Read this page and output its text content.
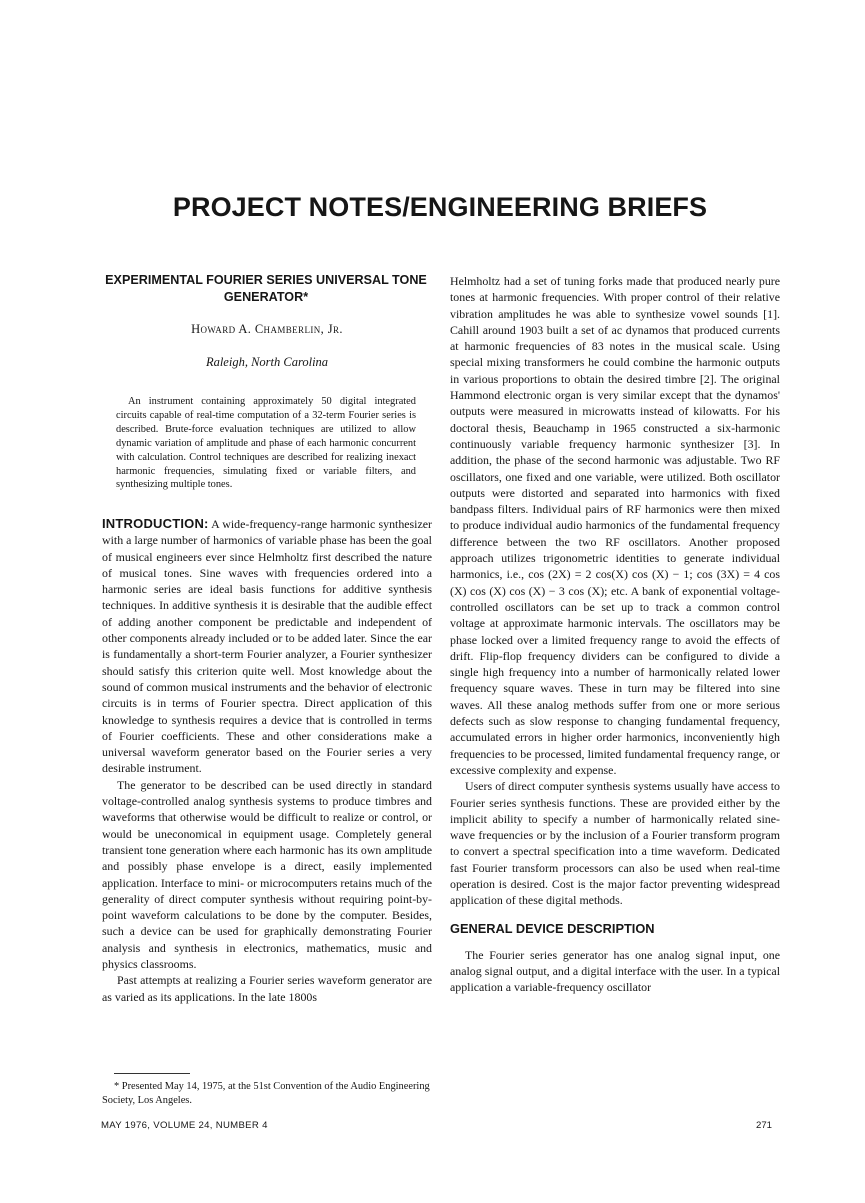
PROJECT NOTES/ENGINEERING BRIEFS
EXPERIMENTAL FOURIER SERIES UNIVERSAL TONE GENERATOR*
Howard A. Chamberlin, Jr.
Raleigh, North Carolina

An instrument containing approximately 50 digital integrated circuits capable of real-time computation of a 32-term Fourier series is described. Brute-force evaluation techniques are utilized to allow dynamic variation of amplitude and phase of each harmonic concurrent with calculation. Control techniques are described for realizing inexact harmonic frequencies, simulating fixed or variable filters, and synthesizing multiple tones.

INTRODUCTION: A wide-frequency-range harmonic synthesizer with a large number of harmonics of variable phase has been the goal of musical engineers ever since Helmholtz first described the nature of musical tones. Sine waves with frequencies ordered into a harmonic series are ideal basis functions for additive synthesis techniques. In additive synthesis it is desirable that the audible effect of adding another component be predictable and independent of other components already included or to be added later. Since the ear is fundamentally a short-term Fourier analyzer, a Fourier synthesizer should satisfy this criterion quite well. Most knowledge about the sound of common musical instruments and the behavior of electronic circuits is in terms of Fourier spectra. Direct application of this knowledge to synthesis requires a device that is controlled in terms of Fourier coefficients. These and other considerations make a universal waveform generator based on the Fourier series a very desirable instrument.

The generator to be described can be used directly in standard voltage-controlled analog synthesis systems to produce timbres and waveforms that otherwise would be difficult to realize or control, or would be uneconomical in equipment usage. Completely general transient tone generation where each harmonic has its own amplitude and possibly phase envelope is a direct, easily implemented application. Interface to mini- or microcomputers retains much of the generality of direct computer synthesis without requiring point-by-point waveform calculations to be done by the computer. Besides, such a device can be used for graphically demonstrating Fourier analysis and synthesis in electronics, mathematics, music and physics classrooms.

Past attempts at realizing a Fourier series waveform generator are as varied as its applications. In the late 1800s

* Presented May 14, 1975, at the 51st Convention of the Audio Engineering Society, Los Angeles.

Helmholtz had a set of tuning forks made that produced nearly pure tones at harmonic frequencies. With proper control of their relative vibration amplitudes he was able to synthesize vowel sounds [1]. Cahill around 1903 built a set of ac dynamos that produced currents at harmonic frequencies of 83 notes in the musical scale. Using special mixing transformers he could combine the harmonic outputs in various proportions to obtain the desired timbre [2]. The original Hammond electronic organ is very similar except that the dynamos' outputs were measured in microwatts instead of kilowatts. For his doctoral thesis, Beauchamp in 1965 constructed a six-harmonic continuously variable frequency harmonic synthesizer [3]. In addition, the phase of the second harmonic was adjustable. Two RF oscillators, one fixed and one variable, were utilized. Both oscillator outputs were distorted and separated into harmonics with fixed bandpass filters. Individual pairs of RF harmonics were then mixed to produce individual audio harmonics of the fundamental frequency difference between the two RF oscillators. Another proposed approach utilizes trigonometric identities to generate individual harmonics, i.e., cos (2X) = 2 cos(X) cos (X) − 1; cos (3X) = 4 cos (X) cos (X) cos (X) − 3 cos (X); etc. A bank of exponential voltage-controlled oscillators can be set up to track a common control voltage at approximate harmonic intervals. The oscillators may be phase locked over a limited frequency range to avoid the effects of drift. Flip-flop frequency dividers can be configured to divide a single high frequency into a number of harmonically related lower frequency square waves. These in turn may be filtered into sine waves. All these analog methods suffer from one or more serious defects such as slow response to changing fundamental frequency, accumulated errors in higher order harmonics, inconveniently high frequencies to be processed, limited fundamental frequency range, or excessive complexity and expense.

Users of direct computer synthesis systems usually have access to Fourier series synthesis functions. These are provided either by the implicit ability to specify a number of harmonically related sine-wave frequencies or by the inclusion of a Fourier transform program to convert a spectral specification into a time waveform. Dedicated fast Fourier transform processors can also be used when real-time operation is desired. Cost is the major factor preventing widespread application of these digital methods.

GENERAL DEVICE DESCRIPTION

The Fourier series generator has one analog signal input, one analog signal output, and a digital interface with the user. In a typical application a variable-frequency oscillator

MAY 1976, VOLUME 24, NUMBER 4	271
